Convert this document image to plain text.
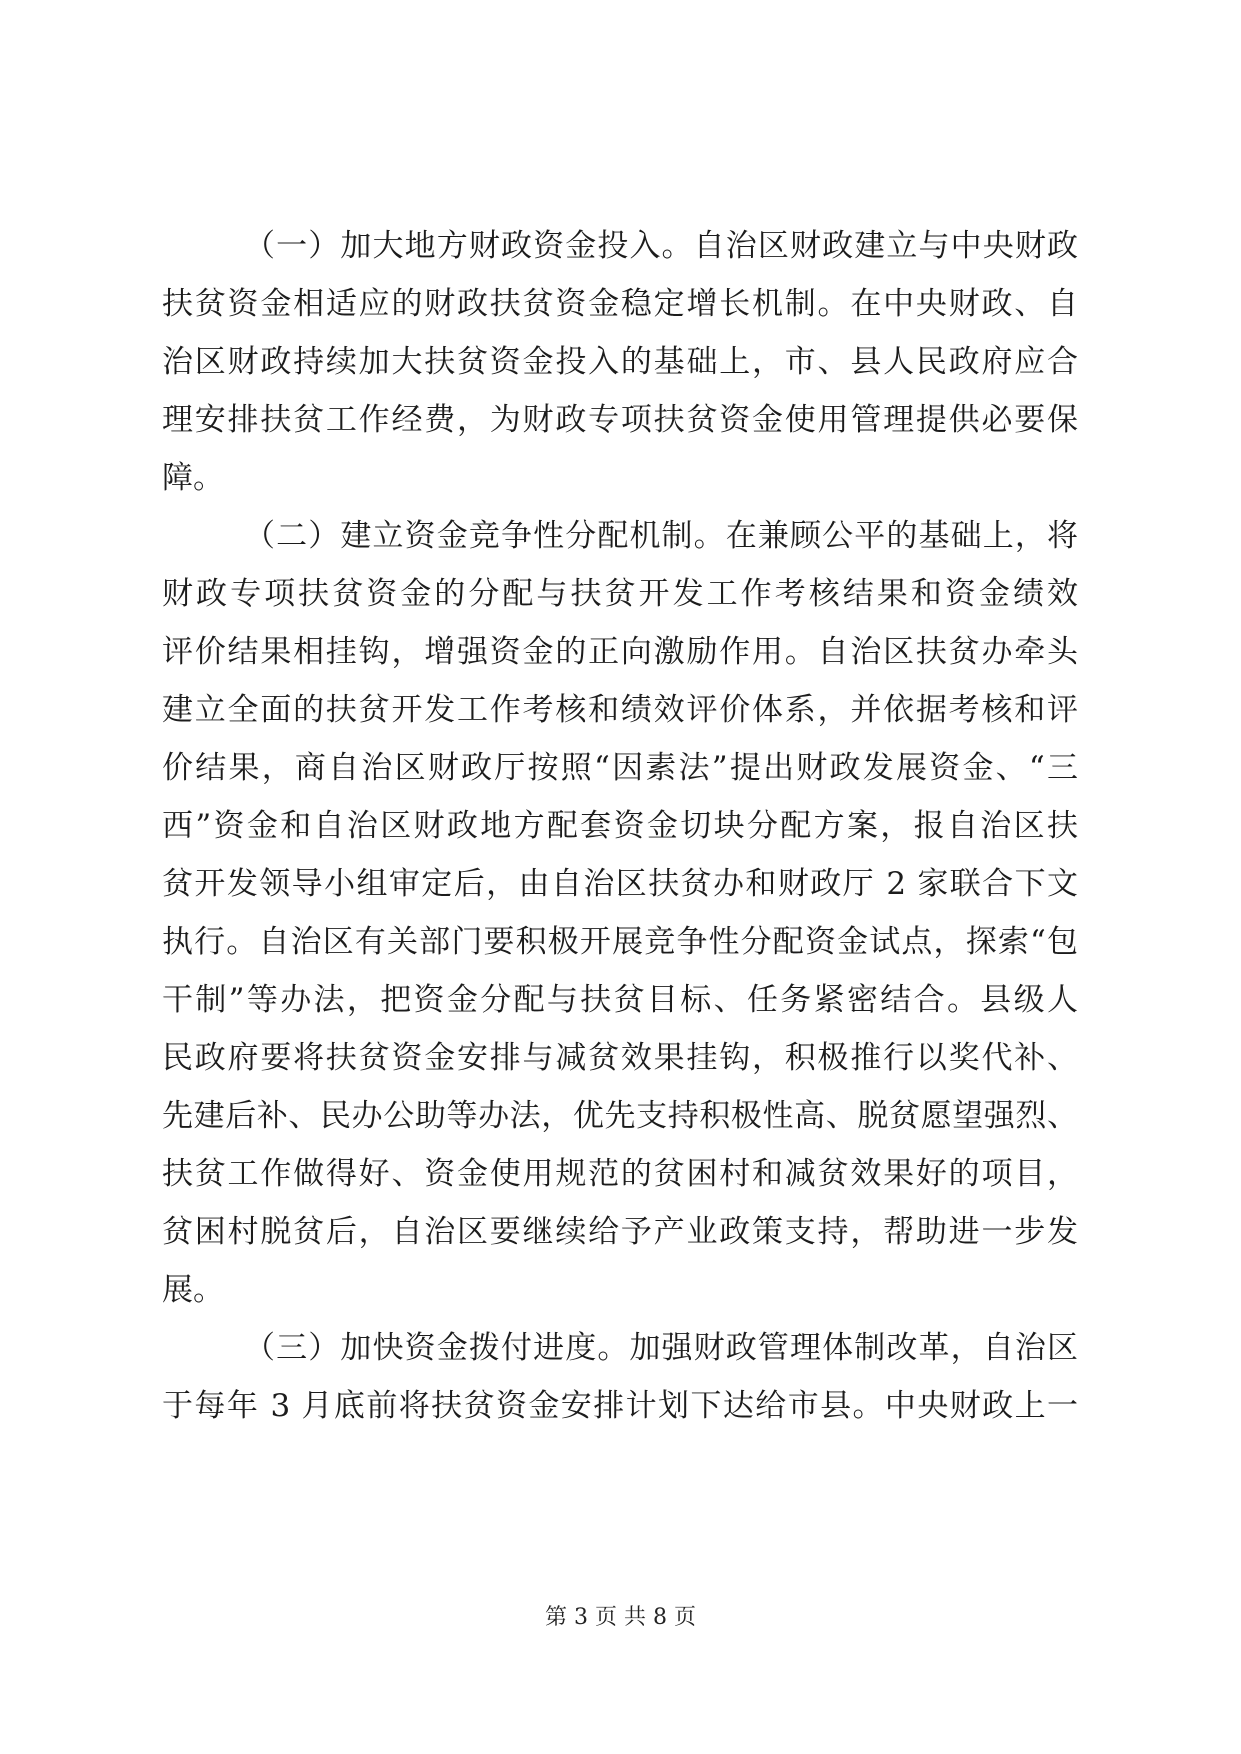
（一）加大地方财政资金投入。自治区财政建立与中央财政
扶贫资金相适应的财政扶贫资金稳定增长机制。在中央财政、自
治区财政持续加大扶贫资金投入的基础上，市、县人民政府应合
理安排扶贫工作经费，为财政专项扶贫资金使用管理提供必要保
障。
（二）建立资金竞争性分配机制。在兼顾公平的基础上，将
财政专项扶贫资金的分配与扶贫开发工作考核结果和资金绩效
评价结果相挂钩，增强资金的正向激励作用。自治区扶贫办牵头
建立全面的扶贫开发工作考核和绩效评价体系，并依据考核和评
价结果，商自治区财政厅按照“因素法”提出财政发展资金、“三
西”资金和自治区财政地方配套资金切块分配方案，报自治区扶
贫开发领导小组审定后，由自治区扶贫办和财政厅 2 家联合下文
执行。自治区有关部门要积极开展竞争性分配资金试点，探索“包
干制”等办法，把资金分配与扶贫目标、任务紧密结合。县级人
民政府要将扶贫资金安排与减贫效果挂钩，积极推行以奖代补、
先建后补、民办公助等办法，优先支持积极性高、脱贫愿望强烈、
扶贫工作做得好、资金使用规范的贫困村和减贫效果好的项目，
贫困村脱贫后，自治区要继续给予产业政策支持，帮助进一步发
展。
（三）加快资金拨付进度。加强财政管理体制改革，自治区
于每年 3 月底前将扶贫资金安排计划下达给市县。中央财政上一
第 3 页 共 8 页
